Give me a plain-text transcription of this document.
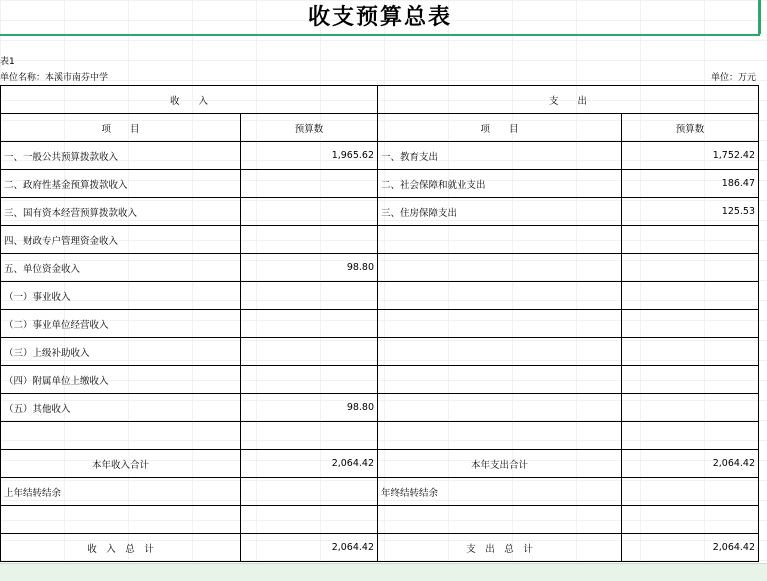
收支预算总表
表1
单位名称：本溪市南芬中学	单位：万元
收　　入		支　　出	
项　　目	预算数	项　　目	预算数
一、一般公共预算拨款收入	1,965.62	一、教育支出	1,752.42
二、政府性基金预算拨款收入		二、社会保障和就业支出	186.47
三、国有资本经营预算拨款收入		三、住房保障支出	125.53
四、财政专户管理资金收入			
五、单位资金收入	98.80		
（一）事业收入			
（二）事业单位经营收入			
（三）上级补助收入			
（四）附属单位上缴收入			
（五）其他收入	98.80		

本年收入合计	2,064.42	本年支出合计	2,064.42
上年结转结余		年终结转结余	

收　入　总　计	2,064.42	支　出　总　计	2,064.42
